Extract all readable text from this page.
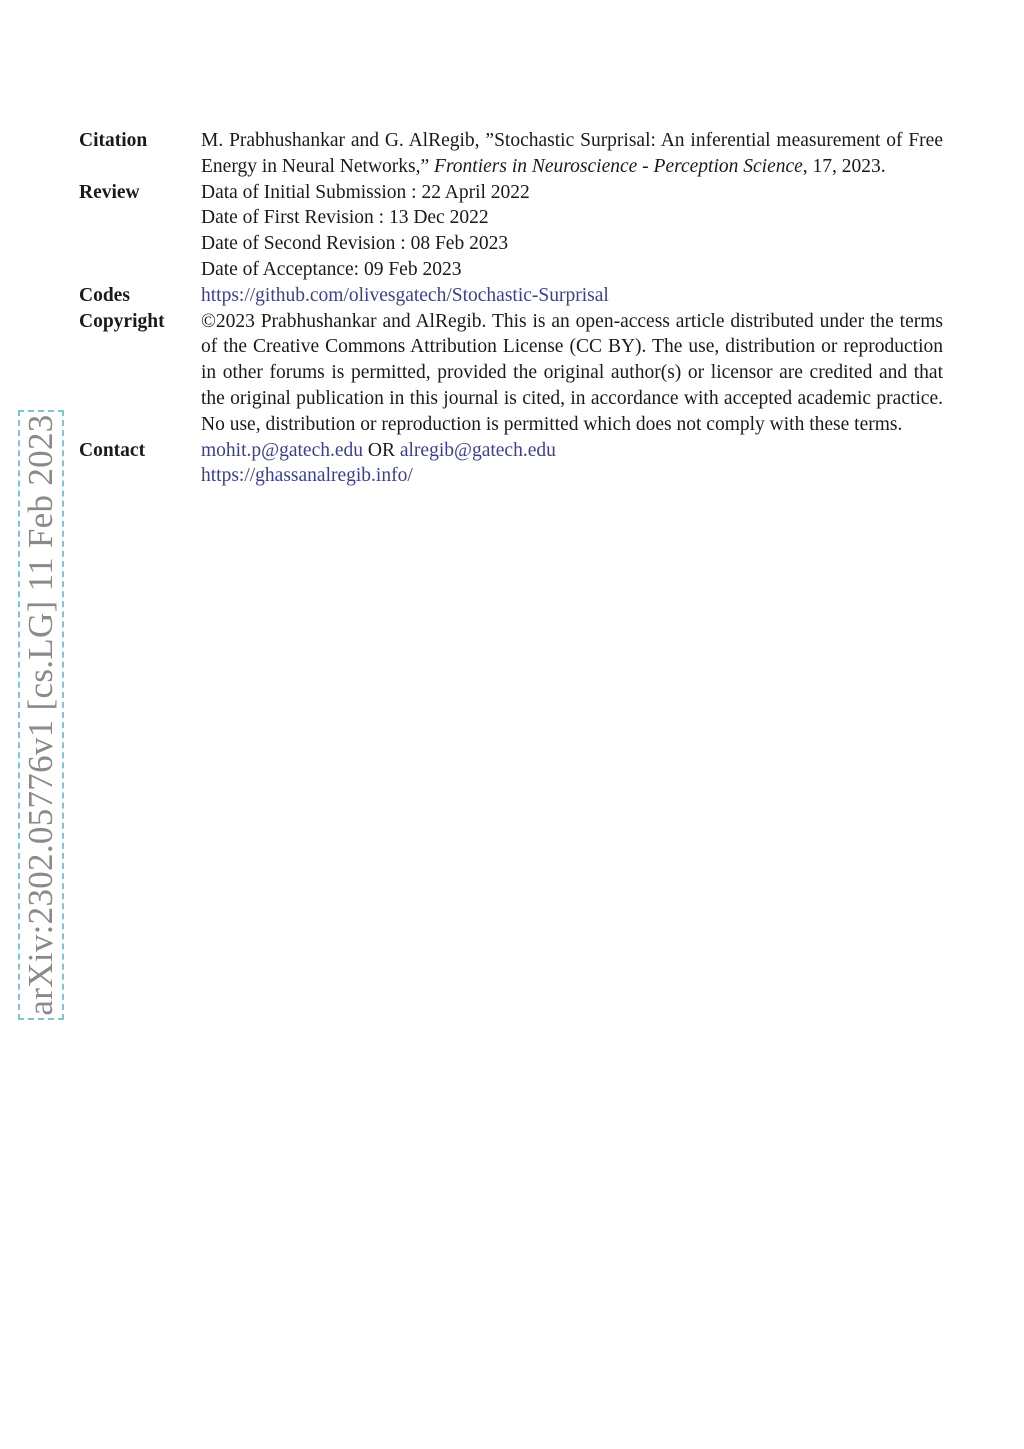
arXiv:2302.05776v1 [cs.LG] 11 Feb 2023
Citation	M. Prabhushankar and G. AlRegib, ”Stochastic Surprisal: An inferential measurement of Free Energy in Neural Networks,” Frontiers in Neuroscience - Perception Science, 17, 2023.
Review	Data of Initial Submission : 22 April 2022
Date of First Revision : 13 Dec 2022
Date of Second Revision : 08 Feb 2023
Date of Acceptance: 09 Feb 2023
Codes	https://github.com/olivesgatech/Stochastic-Surprisal
Copyright	©2023 Prabhushankar and AlRegib. This is an open-access article distributed under the terms of the Creative Commons Attribution License (CC BY). The use, distribution or reproduction in other forums is permitted, provided the original author(s) or licensor are credited and that the original publication in this journal is cited, in accordance with accepted academic practice. No use, distribution or reproduction is permitted which does not comply with these terms.
Contact	mohit.p@gatech.edu OR alregib@gatech.edu
https://ghassanalregib.info/
